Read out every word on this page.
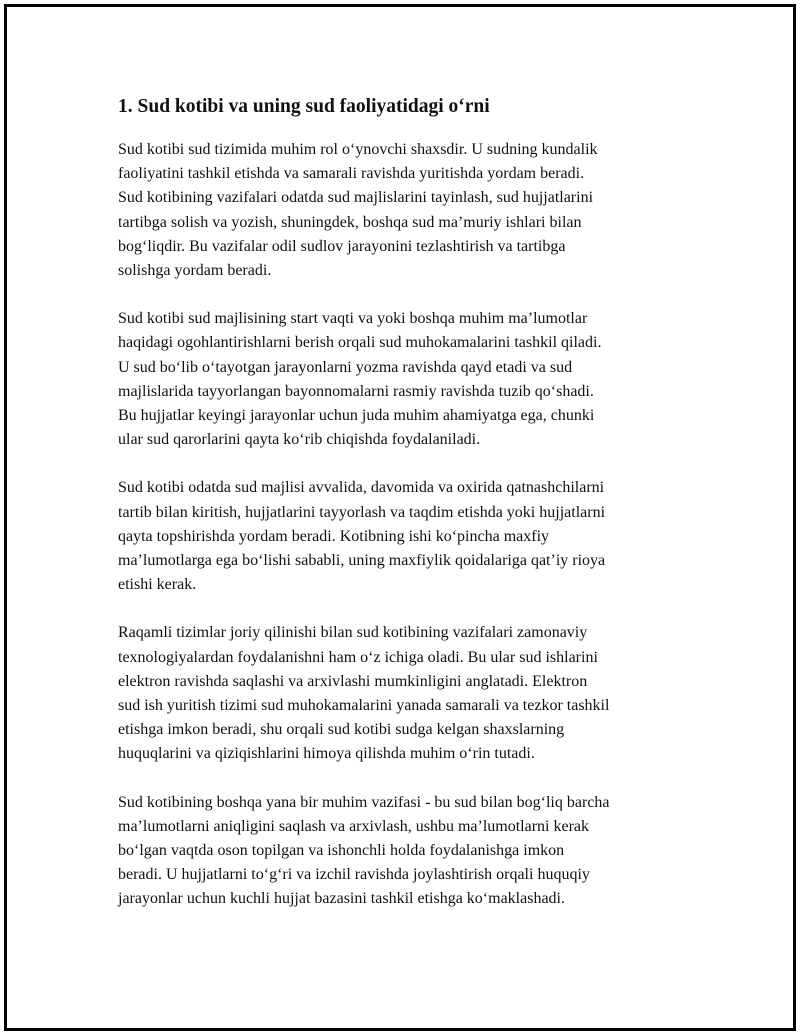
1. Sud kotibi va uning sud faoliyatidagi o‘rni

Sud kotibi sud tizimida muhim rol o‘ynovchi shaxsdir. U sudning kundalik
faoliyatini tashkil etishda va samarali ravishda yuritishda yordam beradi.
Sud kotibining vazifalari odatda sud majlislarini tayinlash, sud hujjatlarini
tartibga solish va yozish, shuningdek, boshqa sud ma’muriy ishlari bilan
bog‘liqdir. Bu vazifalar odil sudlov jarayonini tezlashtirish va tartibga
solishga yordam beradi.

Sud kotibi sud majlisining start vaqti va yoki boshqa muhim ma’lumotlar
haqidagi ogohlantirishlarni berish orqali sud muhokamalarini tashkil qiladi.
U sud bo‘lib o‘tayotgan jarayonlarni yozma ravishda qayd etadi va sud
majlislarida tayyorlangan bayonnomalarni rasmiy ravishda tuzib qo‘shadi.
Bu hujjatlar keyingi jarayonlar uchun juda muhim ahamiyatga ega, chunki
ular sud qarorlarini qayta ko‘rib chiqishda foydalaniladi.

Sud kotibi odatda sud majlisi avvalida, davomida va oxirida qatnashchilarni
tartib bilan kiritish, hujjatlarini tayyorlash va taqdim etishda yoki hujjatlarni
qayta topshirishda yordam beradi. Kotibning ishi ko‘pincha maxfiy
ma’lumotlarga ega bo‘lishi sababli, uning maxfiylik qoidalariga qat’iy rioya
etishi kerak.

Raqamli tizimlar joriy qilinishi bilan sud kotibining vazifalari zamonaviy
texnologiyalardan foydalanishni ham o‘z ichiga oladi. Bu ular sud ishlarini
elektron ravishda saqlashi va arxivlashi mumkinligini anglatadi. Elektron
sud ish yuritish tizimi sud muhokamalarini yanada samarali va tezkor tashkil
etishga imkon beradi, shu orqali sud kotibi sudga kelgan shaxslarning
huquqlarini va qiziqishlarini himoya qilishda muhim o‘rin tutadi.

Sud kotibining boshqa yana bir muhim vazifasi - bu sud bilan bog‘liq barcha
ma’lumotlarni aniqligini saqlash va arxivlash, ushbu ma’lumotlarni kerak
bo‘lgan vaqtda oson topilgan va ishonchli holda foydalanishga imkon
beradi. U hujjatlarni to‘g‘ri va izchil ravishda joylashtirish orqali huquqiy
jarayonlar uchun kuchli hujjat bazasini tashkil etishga ko‘maklashadi.
